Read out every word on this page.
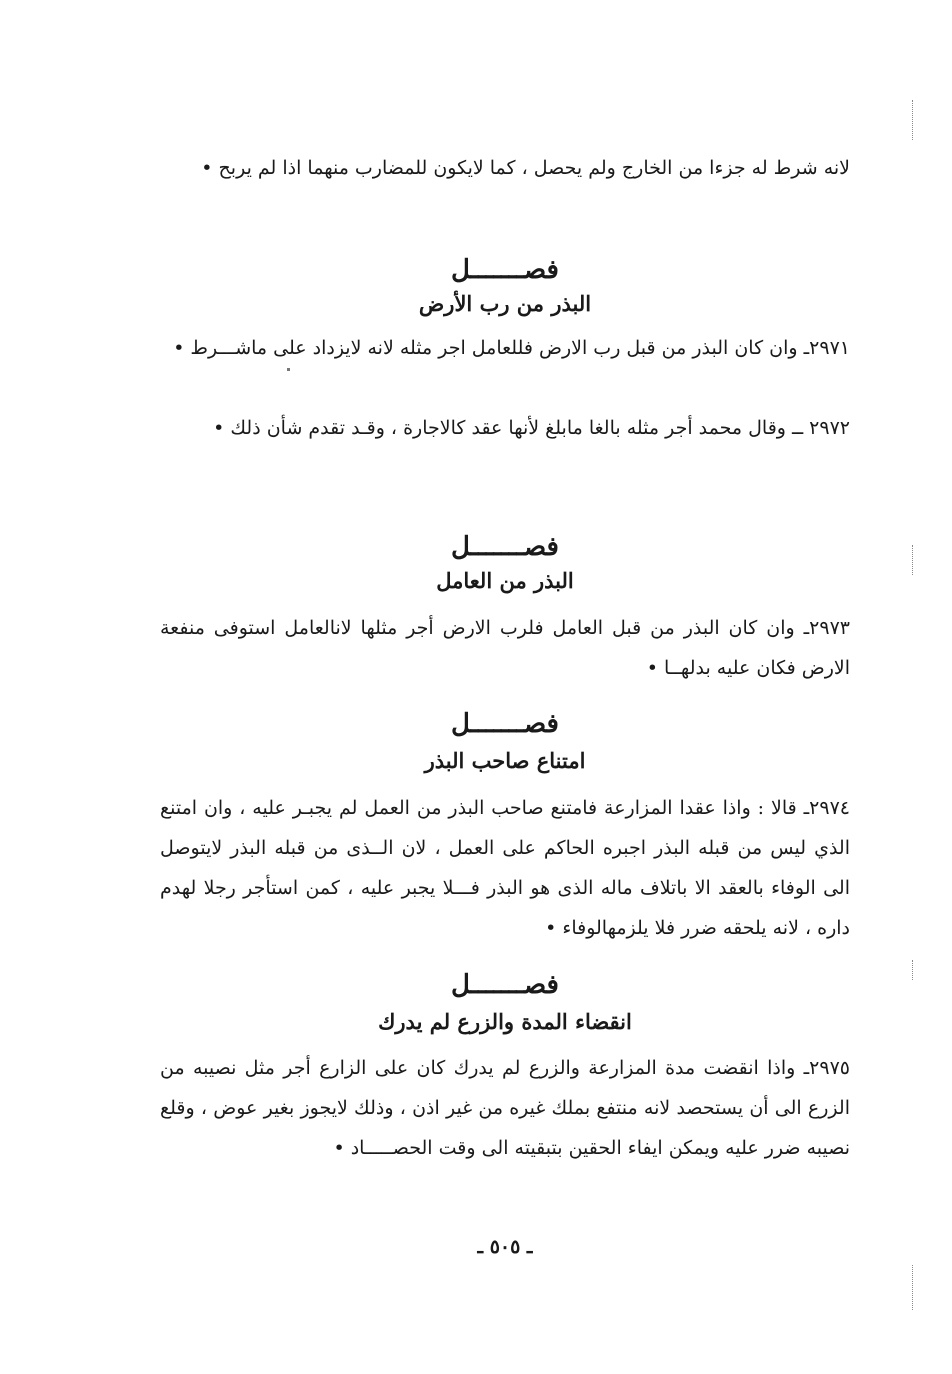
لانه شرط له جزءا من الخارج ولم يحصل ، كما لايكون للمضارب منهما اذا لم يربح •
فصـــــــل
البذر من رب الأرض
٢٩٧١ـ وان كان البذر من قبل رب الارض فللعامل اجر مثله لانه لايزداد على ماشـــرط •
٢٩٧٢ ــ وقال محمد أجر مثله بالغا مابلغ لأنها عقد كالاجارة ، وقـد تقدم شأن ذلك •
فصـــــــل
البذر من العامل
٢٩٧٣ـ وان كان البذر من قبل العامل فلرب الارض أجر مثلها لانالعامل استوفى منفعة الارض فكان عليه بدلهــا •
فصـــــــل
امتناع صاحب البذر
٢٩٧٤ـ قالا : واذا عقدا المزارعة فامتنع صاحب البذر من العمل لم يجبـر عليه ، وان امتنع الذي ليس من قبله البذر اجبره الحاكم على العمل ، لان الــذى من قبله البذر لايتوصل الى الوفاء بالعقد الا باتلاف ماله الذى هو البذر فـــلا يجبر عليه ، كمن استأجر رجلا لهدم داره ، لانه يلحقه ضرر فلا يلزمهالوفاء •
فصـــــــل
انقضاء المدة والزرع لم يدرك
٢٩٧٥ـ واذا انقضت مدة المزارعة والزرع لم يدرك كان على الزارع أجر مثل نصيبه من الزرع الى أن يستحصد لانه منتفع بملك غيره من غير اذن ، وذلك لايجوز بغير عوض ، وقلع نصيبه ضرر عليه ويمكن ايفاء الحقين بتبقيته الى وقت الحصـــــاد •
ـ ٥٠٥ ـ
